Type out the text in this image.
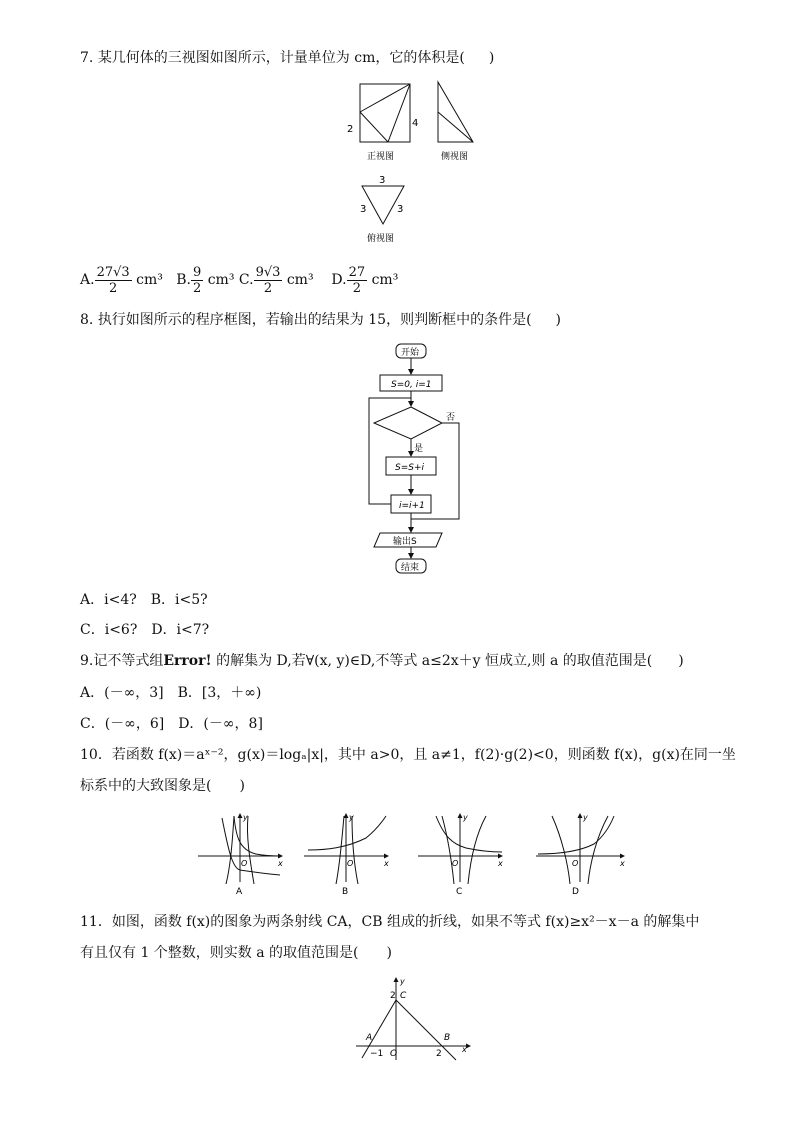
7. 某几何体的三视图如图所示，计量单位为 cm，它的体积是( )
2
4
正视图	侧视图
3
3	3
俯视图
A. $\frac{27√3}{2} cm^3$ B. $\frac{9}{2} cm^3$ C. $\frac{9√3}{2} cm^3$ D. $\frac{27}{2} cm^3$
8. 执行如图所示的程序框图，若输出的结果为 15，则判断框中的条件是( )
开始
S=0, i=1
否
是
S=S+i
i=i+1
输出S
结束
A．i<4?　B．i<5?
C．i<6?　D．i<7?
9.记不等式组Error! 的解集为 D,若∀(x, y)∈D,不等式 a≤2x＋y 恒成立,则 a 的取值范围是( )
A．(－∞，3]　B．[3，＋∞)
C．(－∞，6]　D．(－∞，8]
10．若函数 f(x)＝aˣ⁻²，g(x)＝logₐ|x|，其中 a>0，且 a≠1，f(2)·g(2)<0，则函数 f(x)，g(x)在同一坐
标系中的大致图象是(　　)
y
x
O
A
y
x
O
B
y
x
O
C
y
x
O
D
11．如图，函数 f(x)的图象为两条射线 CA，CB 组成的折线，如果不等式 f(x)≥x²－x－a 的解集中
有且仅有 1 个整数，则实数 a 的取值范围是(　　)
y
2 C
A	B
−1 O	2	x
